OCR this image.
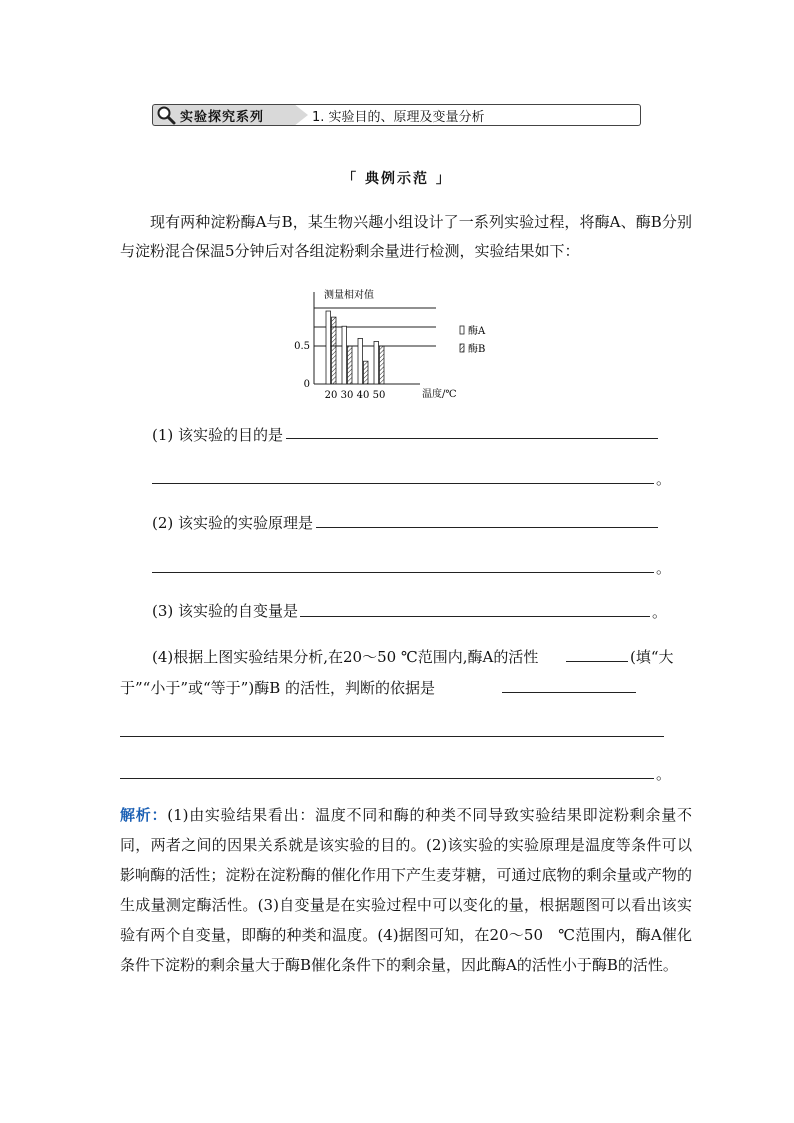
实验探究系列	1. 实验目的、原理及变量分析
「 典例示范 」
现有两种淀粉酶A与B，某生物兴趣小组设计了一系列实验过程，将酶A、酶B分别与淀粉混合保温5分钟后对各组淀粉剩余量进行检测，实验结果如下：
测量相对值
温度/℃
20 30 40 50
0
0.5
酶A
酶B
(1) 该实验的目的是
。
(2) 该实验的实验原理是
。
(3) 该实验的自变量是	。
(4)根据上图实验结果分析,在20～50 ℃范围内,酶A的活性	(填“大
于”“小于”或“等于”)酶B 的活性，判断的依据是
。
解析：(1)由实验结果看出：温度不同和酶的种类不同导致实验结果即淀粉剩余量不同，两者之间的因果关系就是该实验的目的。(2)该实验的实验原理是温度等条件可以影响酶的活性；淀粉在淀粉酶的催化作用下产生麦芽糖，可通过底物的剩余量或产物的生成量测定酶活性。(3)自变量是在实验过程中可以变化的量，根据题图可以看出该实验有两个自变量，即酶的种类和温度。(4)据图可知，在20～50　℃范围内，酶A催化条件下淀粉的剩余量大于酶B催化条件下的剩余量，因此酶A的活性小于酶B的活性。
